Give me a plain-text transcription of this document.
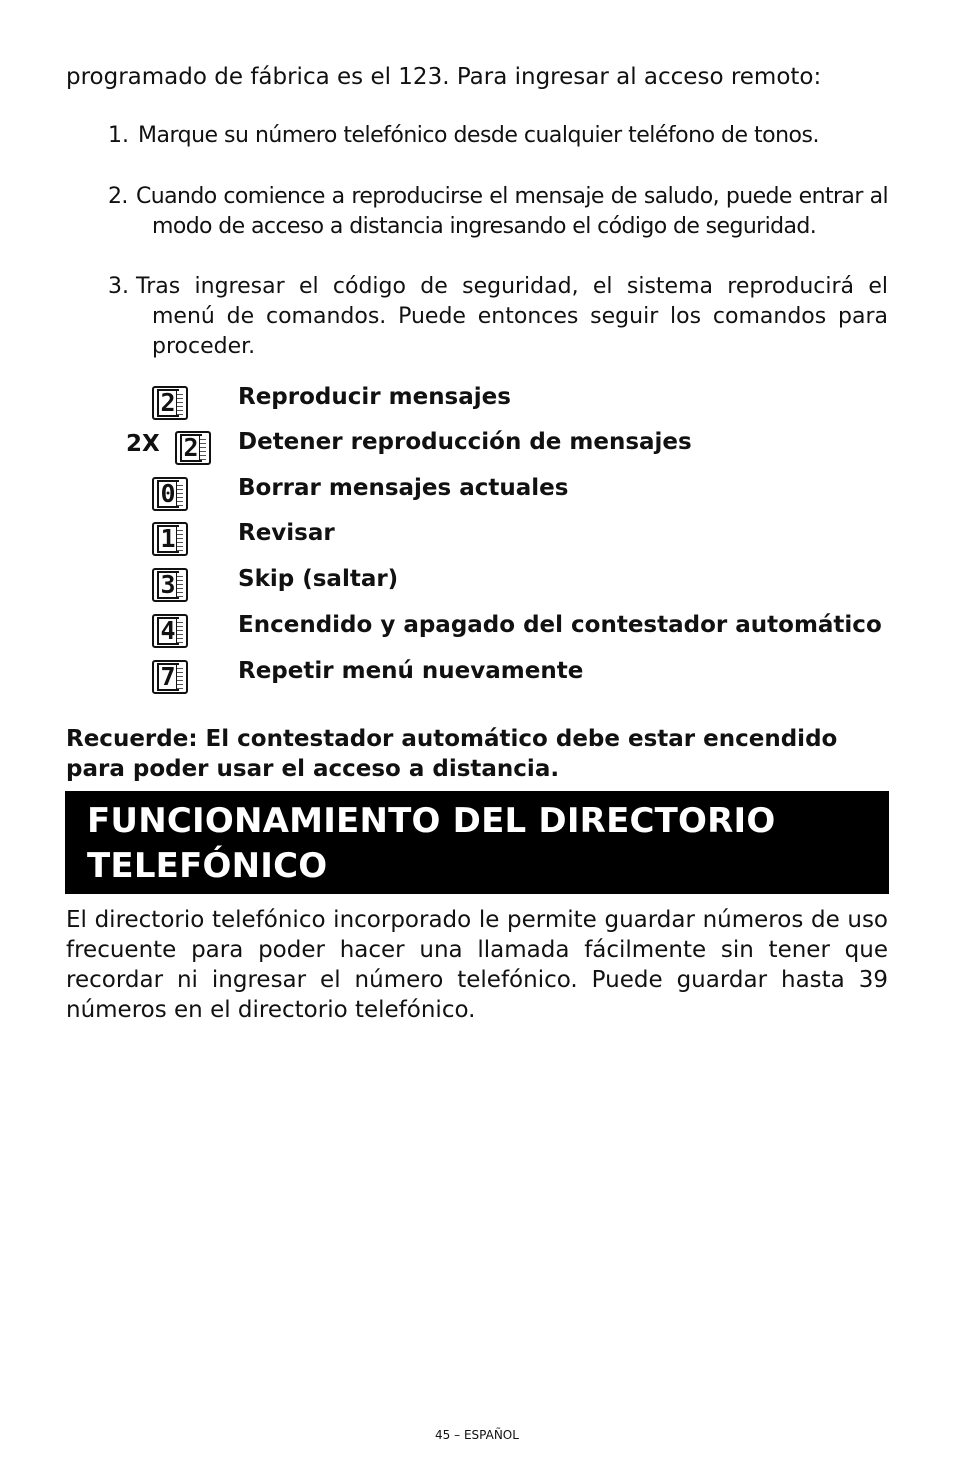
programado de fábrica es el 123. Para ingresar al acceso remoto:
1. Marque su número telefónico desde cualquier teléfono de tonos.
2. Cuando comience a reproducirse el mensaje de saludo, puede entrar al modo de acceso a distancia ingresando el código de seguridad.
3. Tras ingresar el código de seguridad, el sistema reproducirá el menú de comandos. Puede entonces seguir los comandos para proceder.
2	Reproducir mensajes
2X 2 Detener reproducción de mensajes
0	Borrar mensajes actuales
1	Revisar
3	Skip (saltar)
4	Encendido y apagado del contestador automático
7	Repetir menú nuevamente
Recuerde: El contestador automático debe estar encendido para poder usar el acceso a distancia.
FUNCIONAMIENTO DEL DIRECTORIO
TELEFÓNICO
El directorio telefónico incorporado le permite guardar números de uso frecuente para poder hacer una llamada fácilmente sin tener que recordar ni ingresar el número telefónico. Puede guardar hasta 39 números en el directorio telefónico.
45 – ESPAÑOL
